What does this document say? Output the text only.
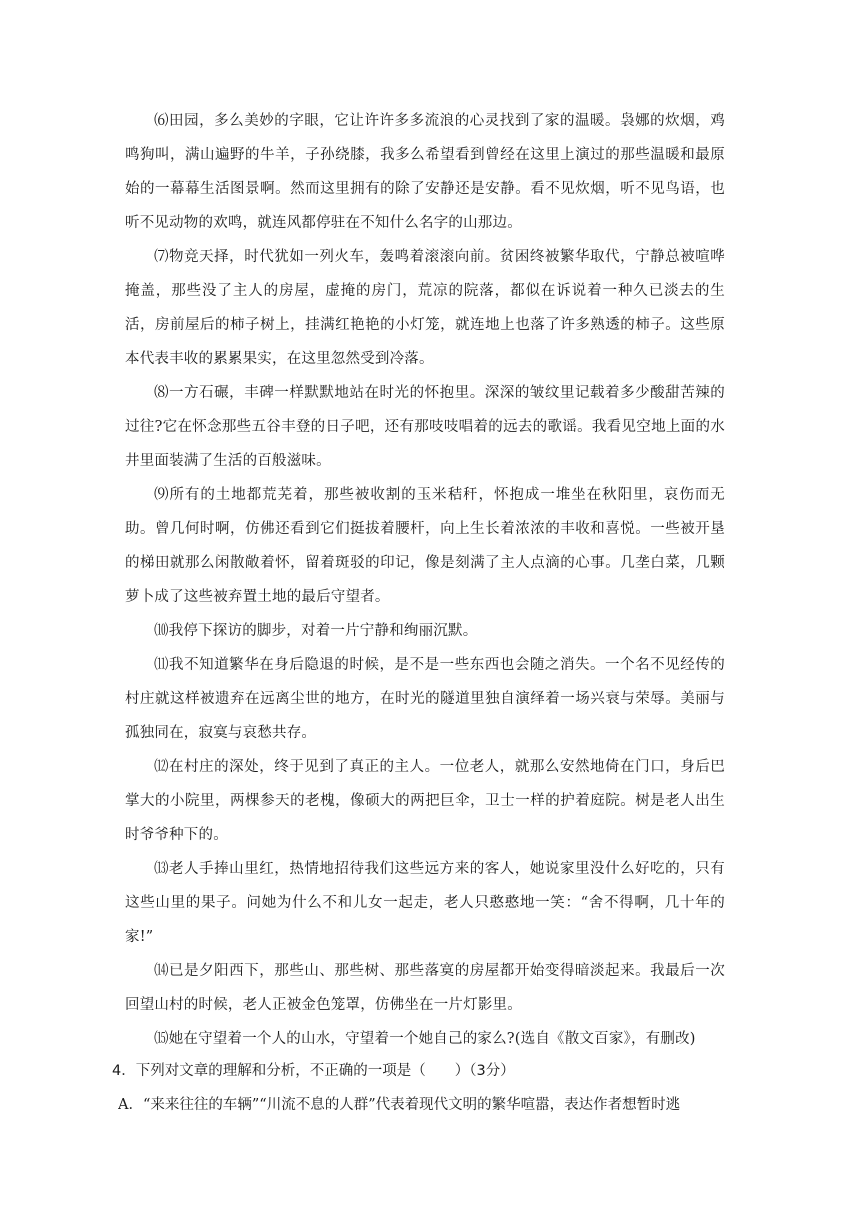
⑹田园，多么美妙的字眼，它让许许多多流浪的心灵找到了家的温暖。袅娜的炊烟，鸡鸣狗叫，满山遍野的牛羊，子孙绕膝，我多么希望看到曾经在这里上演过的那些温暖和最原始的一幕幕生活图景啊。然而这里拥有的除了安静还是安静。看不见炊烟，听不见鸟语，也听不见动物的欢鸣，就连风都停驻在不知什么名字的山那边。

⑺物竞天择，时代犹如一列火车，轰鸣着滚滚向前。贫困终被繁华取代，宁静总被喧哗掩盖，那些没了主人的房屋，虚掩的房门，荒凉的院落，都似在诉说着一种久已淡去的生活，房前屋后的柿子树上，挂满红艳艳的小灯笼，就连地上也落了许多熟透的柿子。这些原本代表丰收的累累果实，在这里忽然受到冷落。

⑻一方石碾，丰碑一样默默地站在时光的怀抱里。深深的皱纹里记载着多少酸甜苦辣的过往?它在怀念那些五谷丰登的日子吧，还有那吱吱唱着的远去的歌谣。我看见空地上面的水井里面装满了生活的百般滋味。

⑼所有的土地都荒芜着，那些被收割的玉米秸秆，怀抱成一堆坐在秋阳里，哀伤而无助。曾几何时啊，仿佛还看到它们挺拔着腰杆，向上生长着浓浓的丰收和喜悦。一些被开垦的梯田就那么闲散敞着怀，留着斑驳的印记，像是刻满了主人点滴的心事。几垄白菜，几颗萝卜成了这些被弃置土地的最后守望者。

⑽我停下探访的脚步，对着一片宁静和绚丽沉默。

⑾我不知道繁华在身后隐退的时候，是不是一些东西也会随之消失。一个名不见经传的村庄就这样被遗弃在远离尘世的地方，在时光的隧道里独自演绎着一场兴衰与荣辱。美丽与孤独同在，寂寞与哀愁共存。

⑿在村庄的深处，终于见到了真正的主人。一位老人，就那么安然地倚在门口，身后巴掌大的小院里，两棵参天的老槐，像硕大的两把巨伞，卫士一样的护着庭院。树是老人出生时爷爷种下的。

⒀老人手捧山里红，热情地招待我们这些远方来的客人，她说家里没什么好吃的，只有这些山里的果子。问她为什么不和儿女一起走，老人只憨憨地一笑：“舍不得啊，几十年的家!”

⒁已是夕阳西下，那些山、那些树、那些落寞的房屋都开始变得暗淡起来。我最后一次回望山村的时候，老人正被金色笼罩，仿佛坐在一片灯影里。

⒂她在守望着一个人的山水，守望着一个她自己的家么?(选自《散文百家》，有删改)

4．下列对文章的理解和分析，不正确的一项是（　　）（3分）

A．“来来往往的车辆”“川流不息的人群”代表着现代文明的繁华喧嚣，表达作者想暂时逃
